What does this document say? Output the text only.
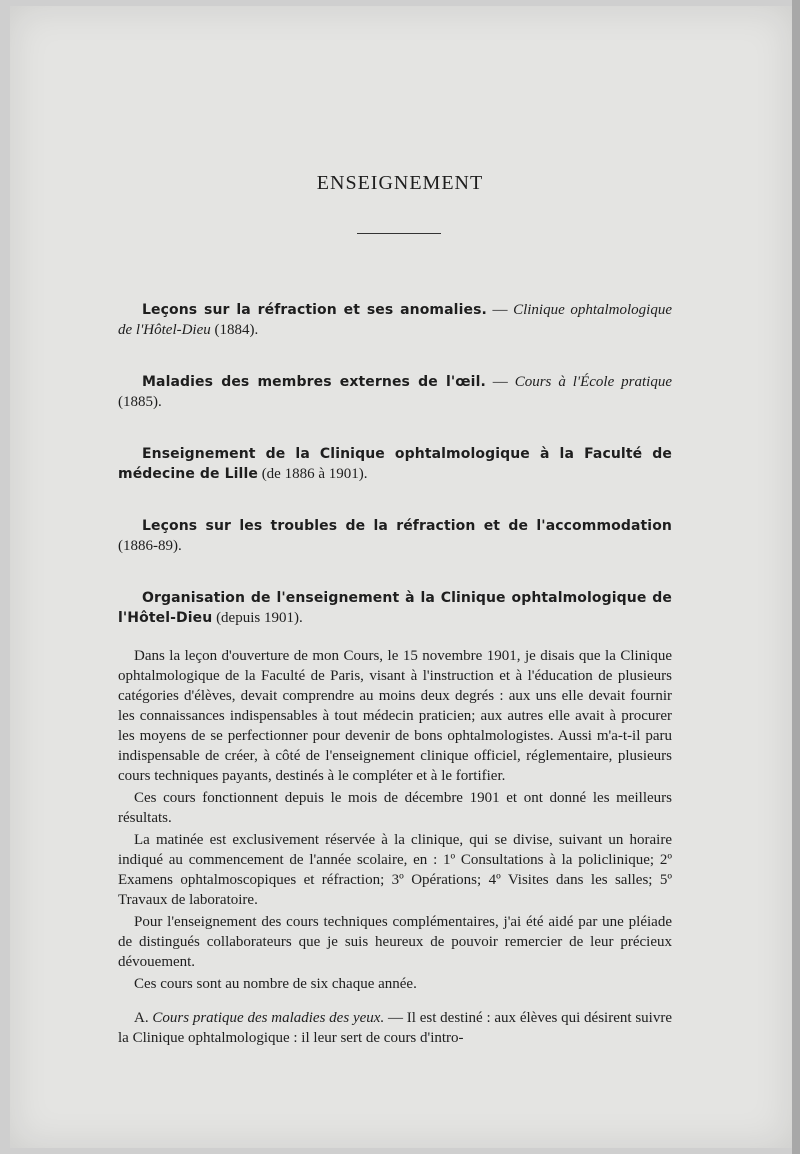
ENSEIGNEMENT

Leçons sur la réfraction et ses anomalies. — Clinique ophtalmologique de l'Hôtel-Dieu (1884).

Maladies des membres externes de l'œil. — Cours à l'École pratique (1885).

Enseignement de la Clinique ophtalmologique à la Faculté de médecine de Lille (de 1886 à 1901).

Leçons sur les troubles de la réfraction et de l'accommodation (1886-89).

Organisation de l'enseignement à la Clinique ophtalmologique de l'Hôtel-Dieu (depuis 1901).

Dans la leçon d'ouverture de mon Cours, le 15 novembre 1901, je disais que la Clinique ophtalmologique de la Faculté de Paris, visant à l'instruction et à l'éducation de plusieurs catégories d'élèves, devait comprendre au moins deux degrés : aux uns elle devait fournir les connaissances indispensables à tout médecin praticien; aux autres elle avait à procurer les moyens de se perfectionner pour devenir de bons ophtalmologistes. Aussi m'a-t-il paru indispensable de créer, à côté de l'enseignement clinique officiel, réglementaire, plusieurs cours techniques payants, destinés à le compléter et à le fortifier.

Ces cours fonctionnent depuis le mois de décembre 1901 et ont donné les meilleurs résultats.

La matinée est exclusivement réservée à la clinique, qui se divise, suivant un horaire indiqué au commencement de l'année scolaire, en : 1º Consultations à la policlinique; 2º Examens ophtalmoscopiques et réfraction; 3º Opérations; 4º Visites dans les salles; 5º Travaux de laboratoire.

Pour l'enseignement des cours techniques complémentaires, j'ai été aidé par une pléiade de distingués collaborateurs que je suis heureux de pouvoir remercier de leur précieux dévouement.

Ces cours sont au nombre de six chaque année.

A. Cours pratique des maladies des yeux. — Il est destiné : aux élèves qui désirent suivre la Clinique ophtalmologique : il leur sert de cours d'intro-
